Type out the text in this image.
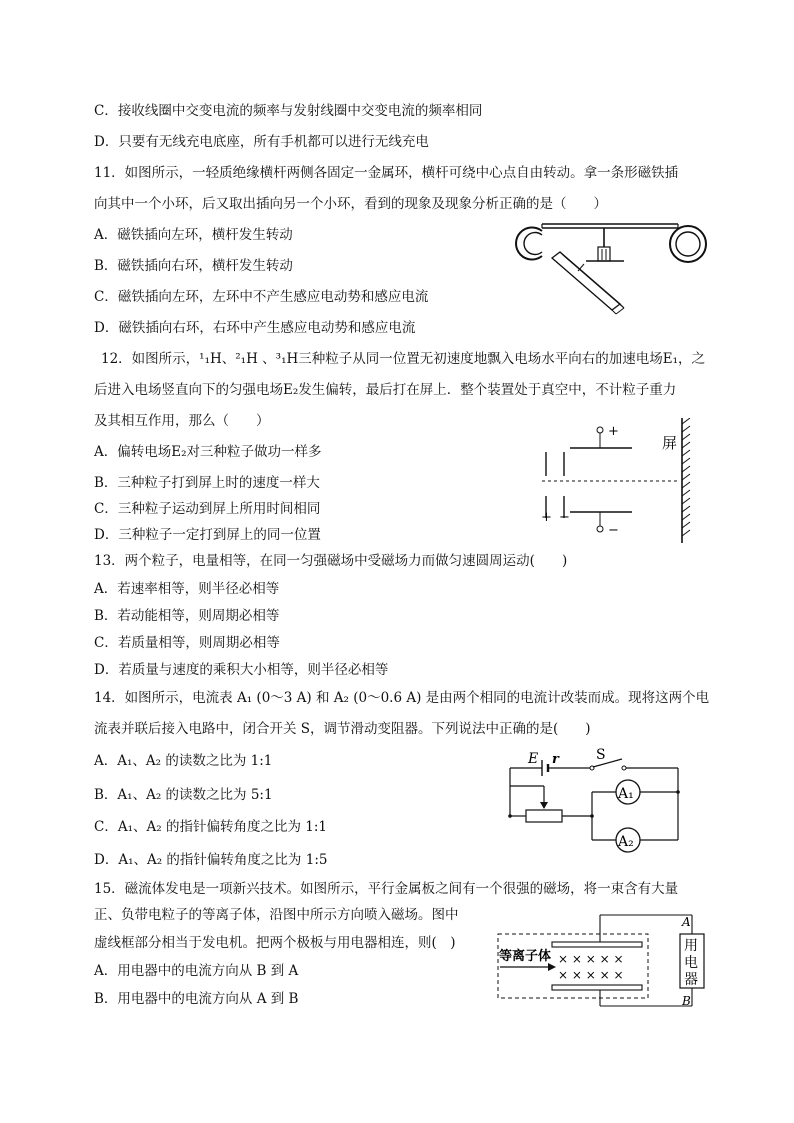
C．接收线圈中交变电流的频率与发射线圈中交变电流的频率相同
D．只要有无线充电底座，所有手机都可以进行无线充电
11．如图所示，一轻质绝缘横杆两侧各固定一金属环，横杆可绕中心点自由转动。拿一条形磁铁插
向其中一个小环，后又取出插向另一个小环，看到的现象及现象分析正确的是（　　）
A．磁铁插向左环，横杆发生转动
B．磁铁插向右环，横杆发生转动
C．磁铁插向左环，左环中不产生感应电动势和感应电流
D．磁铁插向右环，右环中产生感应电动势和感应电流
12．如图所示，¹₁H、²₁H 、³₁H三种粒子从同一位置无初速度地飘入电场水平向右的加速电场E₁，之
后进入电场竖直向下的匀强电场E₂发生偏转，最后打在屏上．整个装置处于真空中，不计粒子重力
及其相互作用，那么（　　）
A．偏转电场E₂对三种粒子做功一样多
B．三种粒子打到屏上时的速度一样大
C．三种粒子运动到屏上所用时间相同
D．三种粒子一定打到屏上的同一位置
+ −
+
−
屏
13．两个粒子，电量相等，在同一匀强磁场中受磁场力而做匀速圆周运动(　　)
A．若速率相等，则半径必相等
B．若动能相等，则周期必相等
C．若质量相等，则周期必相等
D．若质量与速度的乘积大小相等，则半径必相等
14．如图所示，电流表 A₁ (0～3 A) 和 A₂ (0～0.6 A) 是由两个相同的电流计改装而成。现将这两个电
流表并联后接入电路中，闭合开关 S，调节滑动变阻器。下列说法中正确的是(　　)
A．A₁、A₂ 的读数之比为 1:1
B．A₁、A₂ 的读数之比为 5:1
C．A₁、A₂ 的指针偏转角度之比为 1:1
D．A₁、A₂ 的指针偏转角度之比为 1:5
E r	S
A₁
A₂
15．磁流体发电是一项新兴技术。如图所示，平行金属板之间有一个很强的磁场，将一束含有大量
正、负带电粒子的等离子体，沿图中所示方向喷入磁场。图中
虚线框部分相当于发电机。把两个极板与用电器相连，则(　)
A．用电器中的电流方向从 B 到 A
B．用电器中的电流方向从 A 到 B
用
电
器
A
B
× × × × ×
× × × × ×
等离子体
